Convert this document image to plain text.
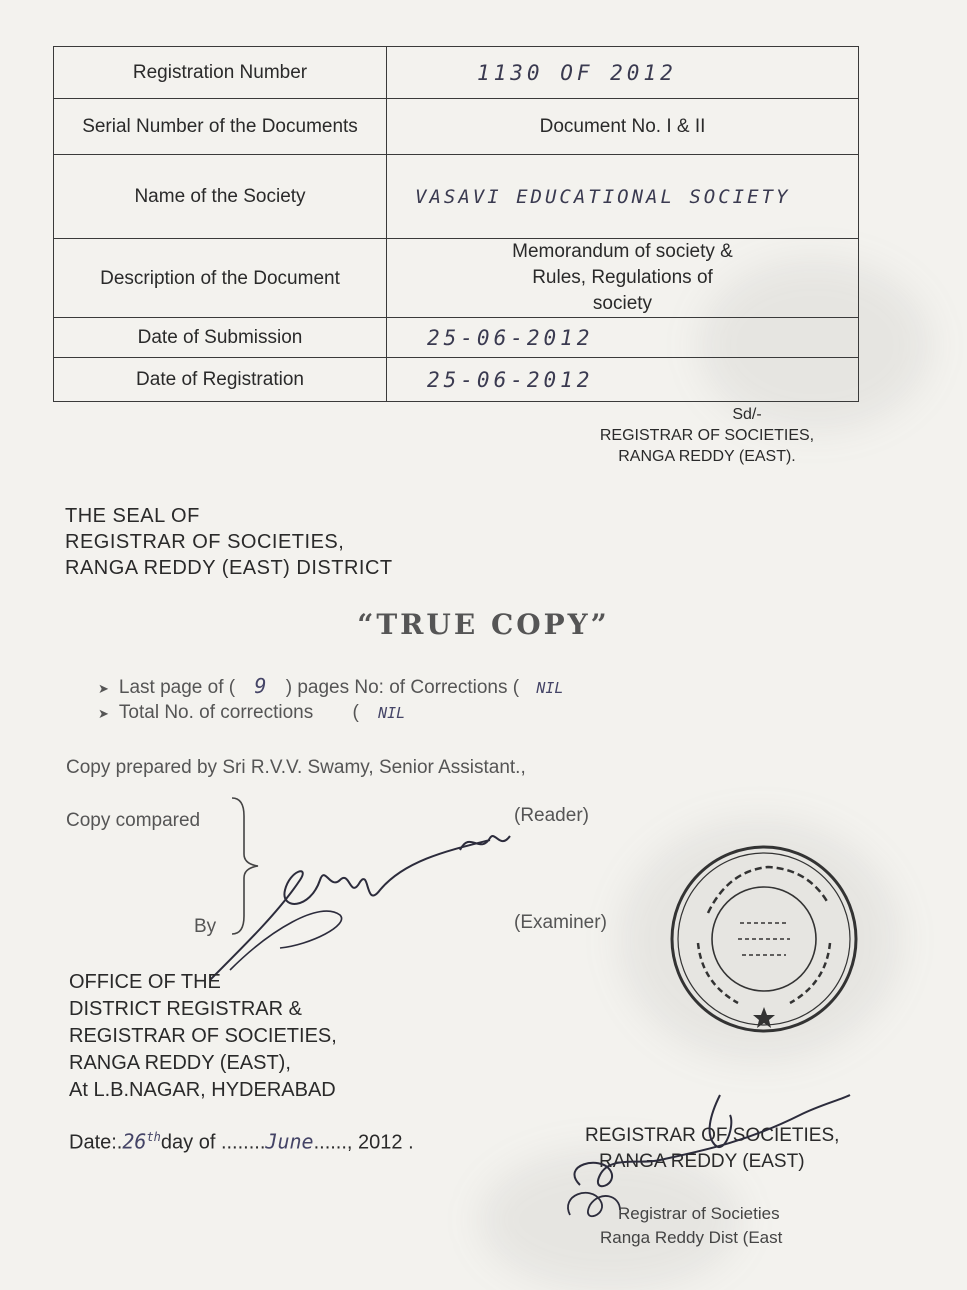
Registration Number	1130 OF 2012
Serial Number of the Documents	Document No. I & II
Name of the Society	VASAVI EDUCATIONAL SOCIETY
Description of the Document	Memorandum of society & Rules, Regulations of society
Date of Submission	25-06-2012
Date of Registration	25-06-2012
Sd/-
REGISTRAR OF SOCIETIES,
RANGA REDDY (EAST).
THE SEAL OF
REGISTRAR OF SOCIETIES,
RANGA REDDY (EAST) DISTRICT
“TRUE COPY”
➤ Last page of ( 9 ) pages No: of Corrections ( NIL
➤ Total No. of corrections ( NIL
Copy prepared by Sri R.V.V. Swamy, Senior Assistant.,
Copy compared	(Reader)
By	(Examiner)
OFFICE OF THE
DISTRICT REGISTRAR &
REGISTRAR OF SOCIETIES,
RANGA REDDY (EAST),
At L.B.NAGAR, HYDERABAD
Date:.26thday of ........June......, 2012 .	REGISTRAR OF SOCIETIES,
RANGA REDDY (EAST)
Registrar of Societies
Ranga Reddy Dist (East
